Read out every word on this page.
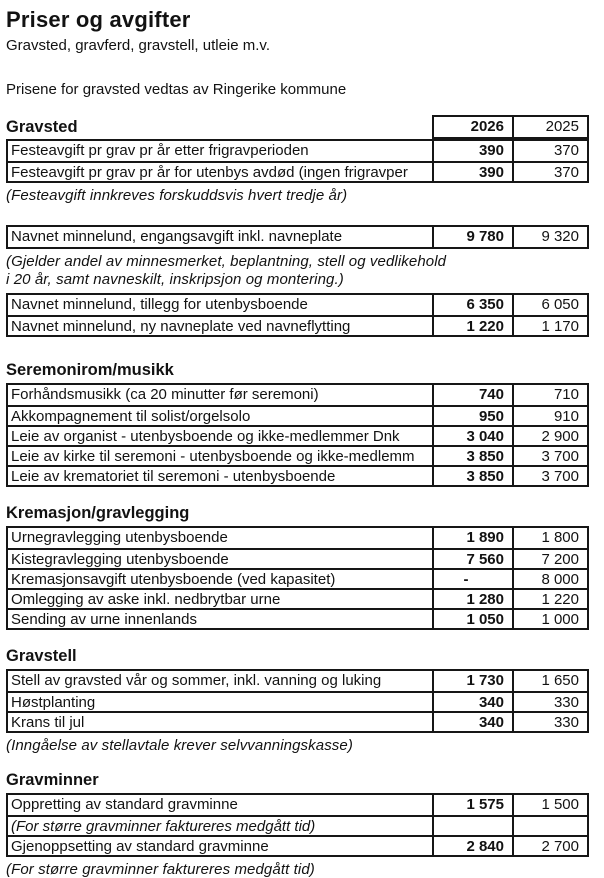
Priser og avgifter
Gravsted, gravferd, gravstell, utleie m.v.
Prisene for gravsted vedtas av Ringerike kommune
Gravsted	2026	2025
Festeavgift pr grav pr år etter frigravperioden	390	370
Festeavgift pr grav pr år for utenbys avdød (ingen frigravper	390	370
(Festeavgift innkreves forskuddsvis hvert tredje år)
Navnet minnelund, engangsavgift inkl. navneplate	9 780	9 320
(Gjelder andel av minnesmerket, beplantning, stell og vedlikehold
i 20 år, samt navneskilt, inskripsjon og montering.)
Navnet minnelund, tillegg for utenbysboende	6 350	6 050
Navnet minnelund, ny navneplate ved navneflytting	1 220	1 170
Seremonirom/musikk
Forhåndsmusikk (ca 20 minutter før seremoni)	740	710
Akkompagnement til solist/orgelsolo	950	910
Leie av organist - utenbysboende og ikke-medlemmer Dnk	3 040	2 900
Leie av kirke til seremoni - utenbysboende og ikke-medlemm	3 850	3 700
Leie av krematoriet til seremoni - utenbysboende	3 850	3 700
Kremasjon/gravlegging
Urnegravlegging utenbysboende	1 890	1 800
Kistegravlegging utenbysboende	7 560	7 200
Kremasjonsavgift utenbysboende (ved kapasitet)	-	8 000
Omlegging av aske inkl. nedbrytbar urne	1 280	1 220
Sending av urne innenlands	1 050	1 000
Gravstell
Stell av gravsted vår og sommer, inkl. vanning og luking	1 730	1 650
Høstplanting	340	330
Krans til jul	340	330
(Inngåelse av stellavtale krever selvvanningskasse)
Gravminner
Oppretting av standard gravminne	1 575	1 500
(For større gravminner faktureres medgått tid)
Gjenoppsetting av standard gravminne	2 840	2 700
(For større gravminner faktureres medgått tid)
